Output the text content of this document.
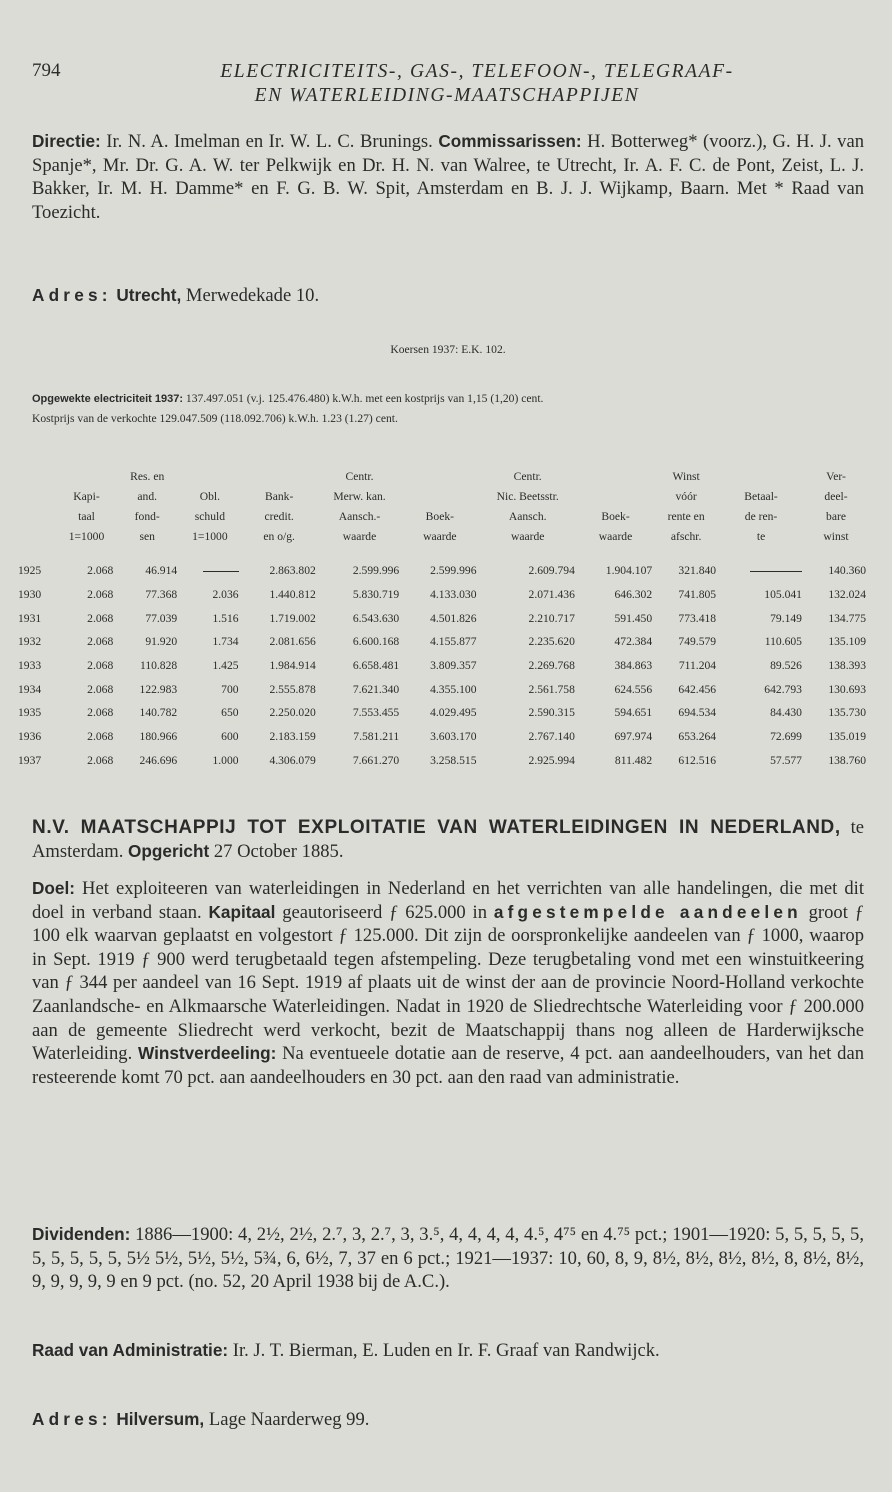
794	ELECTRICITEITS-, GAS-, TELEFOON-, TELEGRAAF-
EN WATERLEIDING-MAATSCHAPPIJEN
Directie: Ir. N. A. Imelman en Ir. W. L. C. Brunings. Commissarissen: H. Botterweg* (voorz.), G. H. J. van Spanje*, Mr. Dr. G. A. W. ter Pelkwijk en Dr. H. N. van Walree, te Utrecht, Ir. A. F. C. de Pont, Zeist, L. J. Bakker, Ir. M. H. Damme* en F. G. B. W. Spit, Amsterdam en B. J. J. Wijkamp, Baarn. Met * Raad van Toezicht.
Adres: Utrecht, Merwedekade 10.
Koersen 1937: E.K. 102.
Opgewekte electriciteit 1937: 137.497.051 (v.j. 125.476.480) k.W.h. met een kostprijs van 1,15 (1,20) cent.
Kostprijs van de verkochte 129.047.509 (118.092.706) k.W.h. 1.23 (1.27) cent.
		Res. en			Centr.		Centr.		Winst		Ver-
	Kapi-	and.	Obl.	Bank-	Merw. kan.		Nic. Beetsstr.		vóór	Betaal-	deel-
	taal	fond-	schuld	credit.	Aansch.-	Boek-	Aansch.	Boek-	rente en	de ren-	bare
	1=1000	sen	1=1000	en o/g.	waarde	waarde	waarde	waarde	afschr.	te	winst

1925	2.068	46.914		2.863.802	2.599.996	2.599.996	2.609.794	1.904.107	321.840		140.360
1930	2.068	77.368	2.036	1.440.812	5.830.719	4.133.030	2.071.436	646.302	741.805	105.041	132.024
1931	2.068	77.039	1.516	1.719.002	6.543.630	4.501.826	2.210.717	591.450	773.418	79.149	134.775
1932	2.068	91.920	1.734	2.081.656	6.600.168	4.155.877	2.235.620	472.384	749.579	110.605	135.109
1933	2.068	110.828	1.425	1.984.914	6.658.481	3.809.357	2.269.768	384.863	711.204	89.526	138.393
1934	2.068	122.983	700	2.555.878	7.621.340	4.355.100	2.561.758	624.556	642.456	642.793	130.693
1935	2.068	140.782	650	2.250.020	7.553.455	4.029.495	2.590.315	594.651	694.534	84.430	135.730
1936	2.068	180.966	600	2.183.159	7.581.211	3.603.170	2.767.140	697.974	653.264	72.699	135.019
1937	2.068	246.696	1.000	4.306.079	7.661.270	3.258.515	2.925.994	811.482	612.516	57.577	138.760
N.V. MAATSCHAPPIJ TOT EXPLOITATIE VAN WATERLEIDINGEN IN NEDERLAND, te Amsterdam. Opgericht 27 October 1885.
Doel: Het exploiteeren van waterleidingen in Nederland en het verrichten van alle handelingen, die met dit doel in verband staan. Kapitaal geautoriseerd ƒ 625.000 in afgestempelde aandeelen groot ƒ 100 elk waarvan geplaatst en volgestort ƒ 125.000. Dit zijn de oorspronkelijke aandeelen van ƒ 1000, waarop in Sept. 1919 ƒ 900 werd terugbetaald tegen afstempeling. Deze terugbetaling vond met een winstuitkeering van ƒ 344 per aandeel van 16 Sept. 1919 af plaats uit de winst der aan de provincie Noord-Holland verkochte Zaanlandsche- en Alkmaarsche Waterleidingen. Nadat in 1920 de Sliedrechtsche Waterleiding voor ƒ 200.000 aan de gemeente Sliedrecht werd verkocht, bezit de Maatschappij thans nog alleen de Harderwijksche Waterleiding. Winstverdeeling: Na eventueele dotatie aan de reserve, 4 pct. aan aandeelhouders, van het dan resteerende komt 70 pct. aan aandeelhouders en 30 pct. aan den raad van administratie.
Dividenden: 1886—1900: 4, 2½, 2½, 2.⁷, 3, 2.⁷, 3, 3.⁵, 4, 4, 4, 4, 4.⁵, 4⁷⁵ en 4.⁷⁵ pct.; 1901—1920: 5, 5, 5, 5, 5, 5, 5, 5, 5, 5, 5½ 5½, 5½, 5½, 5¾, 6, 6½, 7, 37 en 6 pct.; 1921—1937: 10, 60, 8, 9, 8½, 8½, 8½, 8½, 8, 8½, 8½, 9, 9, 9, 9, 9 en 9 pct. (no. 52, 20 April 1938 bij de A.C.).
Raad van Administratie: Ir. J. T. Bierman, E. Luden en Ir. F. Graaf van Randwijck.
Adres: Hilversum, Lage Naarderweg 99.
